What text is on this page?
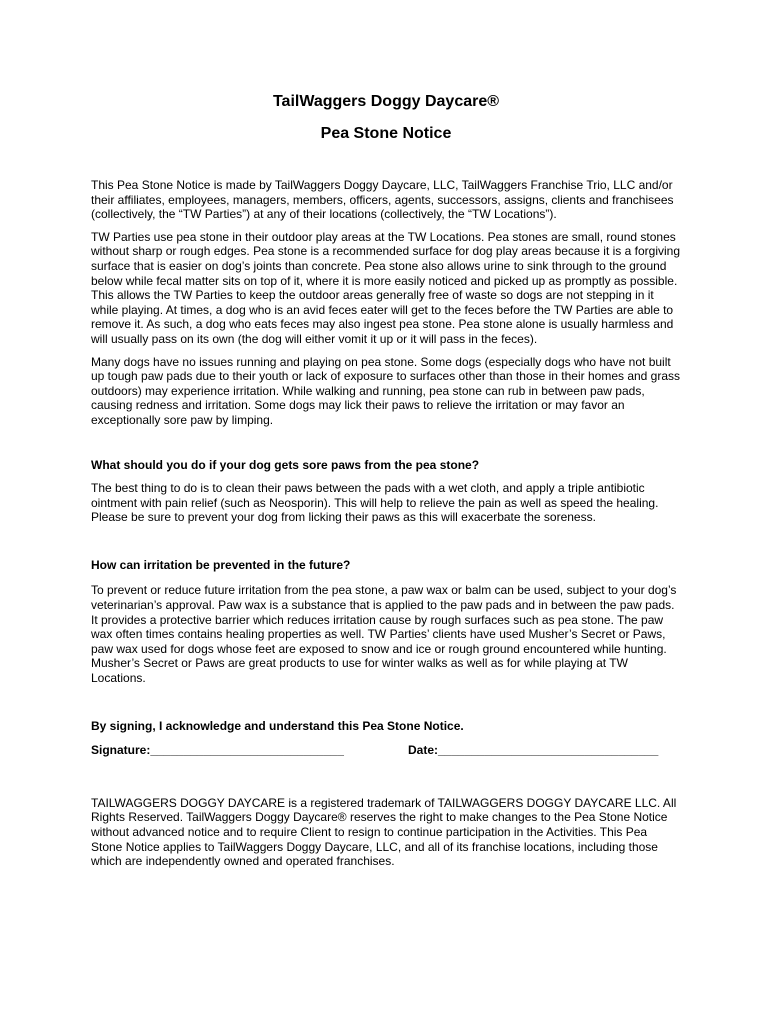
TailWaggers Doggy Daycare®
Pea Stone Notice

This Pea Stone Notice is made by TailWaggers Doggy Daycare, LLC, TailWaggers Franchise Trio, LLC and/or their affiliates, employees, managers, members, officers, agents, successors, assigns, clients and franchisees (collectively, the “TW Parties”) at any of their locations (collectively, the “TW Locations”).

TW Parties use pea stone in their outdoor play areas at the TW Locations. Pea stones are small, round stones without sharp or rough edges. Pea stone is a recommended surface for dog play areas because it is a forgiving surface that is easier on dog’s joints than concrete. Pea stone also allows urine to sink through to the ground below while fecal matter sits on top of it, where it is more easily noticed and picked up as promptly as possible. This allows the TW Parties to keep the outdoor areas generally free of waste so dogs are not stepping in it while playing. At times, a dog who is an avid feces eater will get to the feces before the TW Parties are able to remove it. As such, a dog who eats feces may also ingest pea stone. Pea stone alone is usually harmless and will usually pass on its own (the dog will either vomit it up or it will pass in the feces).

Many dogs have no issues running and playing on pea stone. Some dogs (especially dogs who have not built up tough paw pads due to their youth or lack of exposure to surfaces other than those in their homes and grass outdoors) may experience irritation. While walking and running, pea stone can rub in between paw pads, causing redness and irritation. Some dogs may lick their paws to relieve the irritation or may favor an exceptionally sore paw by limping.

What should you do if your dog gets sore paws from the pea stone?

The best thing to do is to clean their paws between the pads with a wet cloth, and apply a triple antibiotic ointment with pain relief (such as Neosporin). This will help to relieve the pain as well as speed the healing. Please be sure to prevent your dog from licking their paws as this will exacerbate the soreness.

How can irritation be prevented in the future?

To prevent or reduce future irritation from the pea stone, a paw wax or balm can be used, subject to your dog’s veterinarian’s approval. Paw wax is a substance that is applied to the paw pads and in between the paw pads. It provides a protective barrier which reduces irritation cause by rough surfaces such as pea stone. The paw wax often times contains healing properties as well. TW Parties’ clients have used Musher’s Secret or Paws, paw wax used for dogs whose feet are exposed to snow and ice or rough ground encountered while hunting. Musher’s Secret or Paws are great products to use for winter walks as well as for while playing at TW Locations.

By signing, I acknowledge and understand this Pea Stone Notice.

Signature:_____________________________	Date:_________________________________

TAILWAGGERS DOGGY DAYCARE is a registered trademark of TAILWAGGERS DOGGY DAYCARE LLC. All Rights Reserved. TailWaggers Doggy Daycare® reserves the right to make changes to the Pea Stone Notice without advanced notice and to require Client to resign to continue participation in the Activities. This Pea Stone Notice applies to TailWaggers Doggy Daycare, LLC, and all of its franchise locations, including those which are independently owned and operated franchises.
